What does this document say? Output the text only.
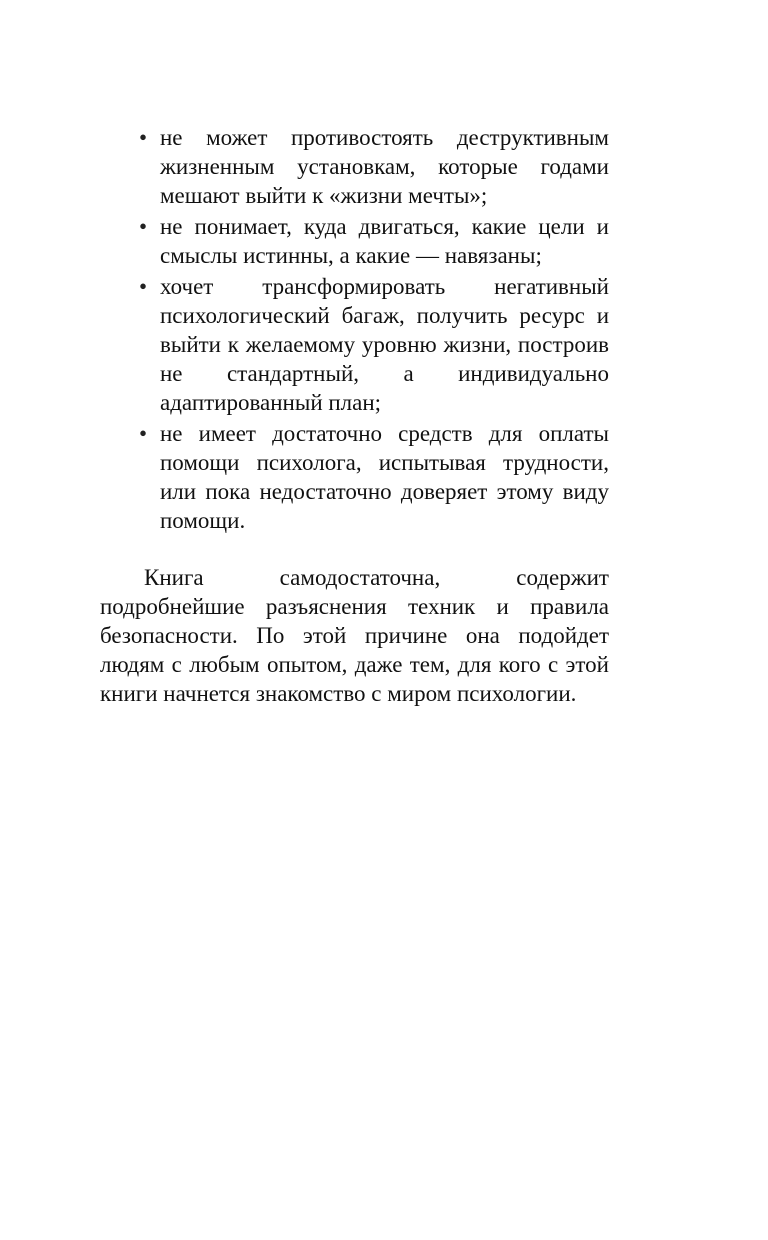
• не может противостоять деструктивным жизненным установкам, которые годами мешают выйти к «жизни мечты»;
• не понимает, куда двигаться, какие цели и смыслы истинны, а какие — навязаны;
• хочет трансформировать негативный психологический багаж, получить ресурс и выйти к желаемому уровню жизни, построив не стандартный, а индивидуально адаптированный план;
• не имеет достаточно средств для оплаты помощи психолога, испытывая трудности, или пока недостаточно доверяет этому виду помощи.

Книга самодостаточна, содержит подробнейшие разъяснения техник и правила безопасности. По этой причине она подойдет людям с любым опытом, даже тем, для кого с этой книги начнется знакомство с миром психологии.
